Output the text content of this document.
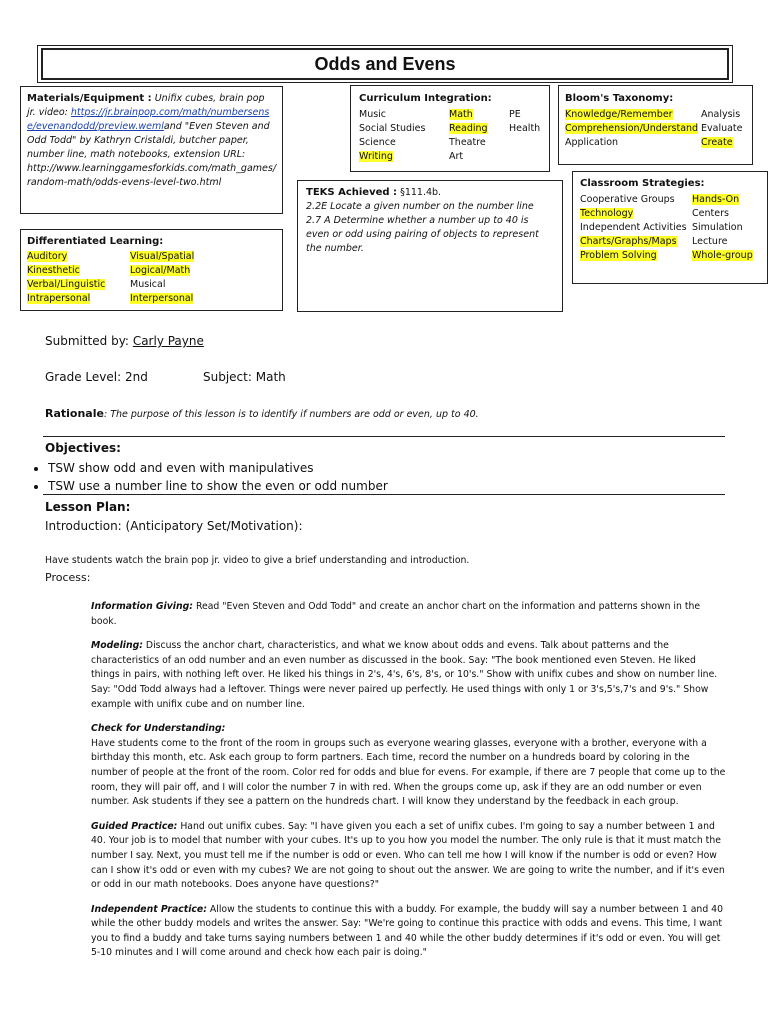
Odds and Evens
Materials/Equipment : Unifix cubes, brain pop jr. video: https://jr.brainpop.com/math/numbersense/evenandodd/preview.wemland "Even Steven and Odd Todd" by Kathryn Cristaldi, butcher paper, number line, math notebooks, extension URL: http://www.learninggamesforkids.com/math_games/random-math/odds-evens-level-two.html
Curriculum Integration:
Music	Math	PE
Social Studies	Reading	Health
Science	Theatre
Writing	Art
Bloom's Taxonomy:
Knowledge/Remember	Analysis
Comprehension/Understand Evaluate
Application	Create
Classroom Strategies:
Cooperative Groups	Hands-On
Technology	Centers
Independent Activities Simulation
Charts/Graphs/Maps	Lecture
Problem Solving	Whole-group
TEKS Achieved : §111.4b.
2.2E Locate a given number on the number line
2.7 A Determine whether a number up to 40 is even or odd using pairing of objects to represent the number.
Differentiated Learning:
Auditory	Visual/Spatial
Kinesthetic	Logical/Math
Verbal/Linguistic	Musical
Intrapersonal	Interpersonal
Submitted by: Carly Payne
Grade Level: 2nd	Subject: Math
Rationale: The purpose of this lesson is to identify if numbers are odd or even, up to 40.
Objectives:
• TSW show odd and even with manipulatives
• TSW use a number line to show the even or odd number
Lesson Plan:
Introduction: (Anticipatory Set/Motivation):
Have students watch the brain pop jr. video to give a brief understanding and introduction.
Process:

Information Giving: Read "Even Steven and Odd Todd" and create an anchor chart on the information and patterns shown in the book.

Modeling: Discuss the anchor chart, characteristics, and what we know about odds and evens. Talk about patterns and the characteristics of an odd number and an even number as discussed in the book. Say: "The book mentioned even Steven. He liked things in pairs, with nothing left over. He liked his things in 2's, 4's, 6's, 8's, or 10's." Show with unifix cubes and show on number line. Say: "Odd Todd always had a leftover. Things were never paired up perfectly. He used things with only 1 or 3's,5's,7's and 9's." Show example with unifix cube and on number line.

Check for Understanding:
Have students come to the front of the room in groups such as everyone wearing glasses, everyone with a brother, everyone with a birthday this month, etc. Ask each group to form partners. Each time, record the number on a hundreds board by coloring in the number of people at the front of the room. Color red for odds and blue for evens. For example, if there are 7 people that come up to the room, they will pair off, and I will color the number 7 in with red. When the groups come up, ask if they are an odd number or even number. Ask students if they see a pattern on the hundreds chart. I will know they understand by the feedback in each group.

Guided Practice: Hand out unifix cubes. Say: "I have given you each a set of unifix cubes. I'm going to say a number between 1 and 40. Your job is to model that number with your cubes. It's up to you how you model the number. The only rule is that it must match the number I say. Next, you must tell me if the number is odd or even. Who can tell me how I will know if the number is odd or even? How can I show it's odd or even with my cubes? We are not going to shout out the answer. We are going to write the number, and if it's even or odd in our math notebooks. Does anyone have questions?"

Independent Practice: Allow the students to continue this with a buddy. For example, the buddy will say a number between 1 and 40 while the other buddy models and writes the answer. Say: "We're going to continue this practice with odds and evens. This time, I want you to find a buddy and take turns saying numbers between 1 and 40 while the other buddy determines if it's odd or even. You will get 5-10 minutes and I will come around and check how each pair is doing."
